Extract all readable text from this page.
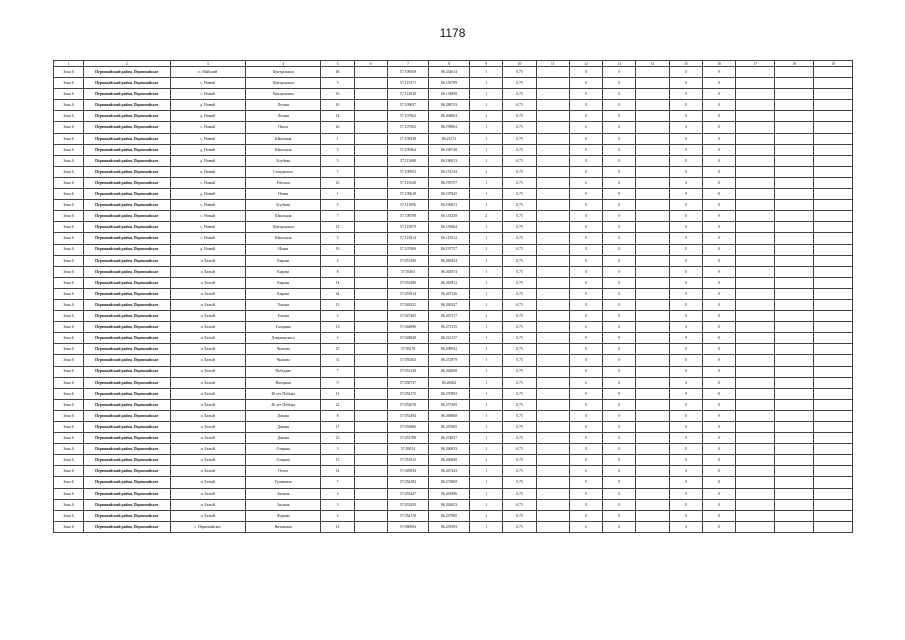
1178
1	2	3	4	5	6	7	8	9	10	11	12	13	14	15	16	17	18	19
Зона 6	Первомайский район, Первомайское	п. Майский	Центральная	46		57.109458	86.234614	1	0,75		0	0		0	0			
Зона 6	Первомайский район, Первомайское	с. Новый	Центральная	3		57.115371	86.156799	1	0,75		0	0		0	0			
Зона 6	Первомайский район, Первомайское	с. Новый	Центральная	16		57.114838	86.154898	1	0,75		0	0		0	0			
Зона 6	Первомайский район, Первомайское	д. Новый	Лесная	10		57.109037	86.288743	1	0,75		0	0		0	0			
Зона 6	Первомайский район, Первомайское	д. Новый	Лесная	14		57.107962	86.206064	1	0,75		0	0		0	0			
Зона 6	Первомайский район, Первомайское	с. Новый	Пихта	26		57.107902	86.199064	1	0,75		0	0		0	0			
Зона 6	Первомайский район, Первомайское	с. Новый	Школьная	1		57.109438	86.22572	1	0,75		0	0		0	0			
Зона 6	Первомайский район, Первомайское	д. Новый	Школьная	5		57.109364	86.196748	1	0,75		0	0		0	0			
Зона 6	Первомайский район, Первомайское	д. Новый	Клубная	5		57.111608	86.186013	1	0,75		0	0		0	0			
Зона 6	Первомайский район, Первомайское	п. Новый	Стоцерского	7		57.109953	86.153744	1	0,75		0	0		0	0			
Зона 6	Первомайский район, Первомайское	с. Новый	Рабочая	23		57.115028	86.195757	1	0,75		0	0		0	0			
Зона 6	Первомайский район, Первомайское	д. Новый	Новая	1		57.109618	86.197845	1	0,75		0	0		0	0			
Зона 6	Первомайский район, Первомайское	с. Новый	Клубная	5		57.111806	86.196813	1	0,75		0	0		0	0			
Зона 6	Первомайский район, Первомайское	с. Новый	Школьная	7		57.108708	86.155438	2	0,75		0	0		0	0			
Зона 6	Первомайский район, Первомайское	с. Новый	Центральная	12		57.115879	86.155064	1	0,75		0	0		0	0			
Зона 6	Первомайский район, Первомайское	с. Новый	Школьная	5		57.115614	86.147612	1	0,75		0	0		0	0			
Зона 6	Первомайский район, Первомайское	д. Новый	Новая	16		57.107406	86.197757	1	0,75		0	0		0	0			
Зона 6	Первомайский район, Первомайское	п. Белый	Кирова	2		57.051309	86.269454	1	0,75		0	0		0	0			
Зона 6	Первомайский район, Первомайское	п. Белый	Кирова	8		57.05405	86.263974	1	0,75		0	0		0	0			
Зона 6	Первомайский район, Первомайское	п. Белый	Кирова	14		57.053296	86.265812	1	0,75		0	0		0	0			
Зона 6	Первомайский район, Первомайское	п. Белый	Кирова	24		57.055914	86.267326	1	0,75		0	0		0	0			
Зона 6	Первомайский район, Первомайское	п. Белый	Тихоня	13		57.049252	86.269247	1	0,75		0	0		0	0			
Зона 6	Первомайский район, Первомайское	п. Белый	Тихоня	3		57.047405	86.267517	1	0,75		0	0		0	0			
Зона 6	Первомайский район, Первомайское	п. Белый	Гагарина	13		57.044890	86.271135	1	0,75		0	0		0	0			
Зона 6	Первомайский район, Первомайское	п. Белый	Дзержинского	2		57.048848	86.241137	1	0,75		0	0		0	0			
Зона 6	Первомайский район, Первомайское	п. Белый	Чкалова	23		57.05278	86.298942	1	0,75		0	0		0	0			
Зона 6	Первомайский район, Первомайское	п. Белый	Чкалова	31		57.050263	86.272879	1	0,75		0	0		0	0			
Зона 6	Первомайский район, Первомайское	п. Белый	Победная	7		57.051238	86.264008	1	0,75		0	0		0	0			
Зона 6	Первомайский район, Первомайское	п. Белый	Нагорная	9		57.050737	86.26602	1	0,75		0	0		0	0			
Зона 6	Первомайский район, Первомайское	п. Белый	40 лет Победы	14		57.054175	86.270993	1	0,75		0	0		0	0			
Зона 6	Первомайский район, Первомайское	п. Белый	40 лет Победы	22		57.052678	86.275309	1	0,75		0	0		0	0			
Зона 6	Первомайский район, Первомайское	п. Белый	Дачная	8		57.052494	86.268868	1	0,75		0	0		0	0			
Зона 6	Первомайский район, Первомайское	п. Белый	Дачная	11		57.053806	86.270495	1	0,75		0	0		0	0			
Зона 6	Первомайский район, Первомайское	п. Белый	Дачная	23		57.051708	86.274637	1	0,75		0	0		0	0			
Зона 6	Первомайский район, Первомайское	п. Белый	Озерная	3		57.05014	86.260053	1	0,75		0	0		0	0			
Зона 6	Первомайский район, Первомайское	п. Белый	Озерная	15		57.051812	86.260848	1	0,75		0	0		0	0			
Зона 6	Первомайский район, Первомайское	п. Белый	Почта	14		57.049934	86.267443	1	0,75		0	0		0	0			
Зона 6	Первомайский район, Первомайское	п. Белый	Тупиковая	7		57.054183	86.272869	1	0,75		0	0		0	0			
Зона 6	Первомайский район, Первомайское	п. Белый	Заозная	3		57.055447	86.261896	1	0,75		0	0		0	0			
Зона 6	Первомайский район, Первомайское	п. Белый	Заозная	3		57.055459	86.262653	1	0,75		0	0		0	0			
Зона 6	Первомайский район, Первомайское	п. Белый	Фурман	2		57.054178	86.247900	1	0,75		0	0		0	0			
Зона 6	Первомайский район, Первомайское	с. Первомайское	Вичанская	12		57.060904	86.239393	1	0,75		0	0		0	0			
